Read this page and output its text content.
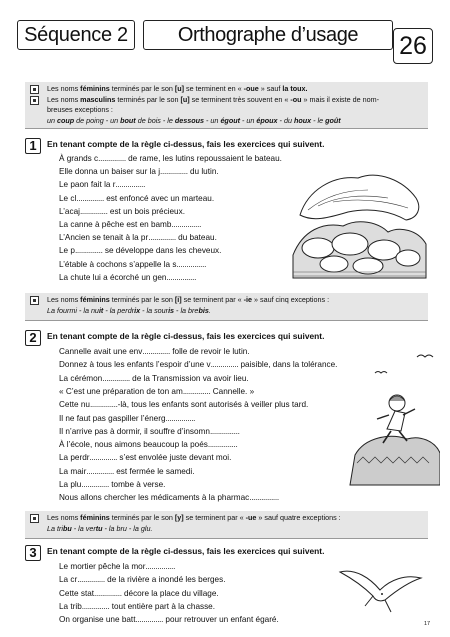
Séquence 2	Orthographe d’usage	26
Les noms féminins terminés par le son [u] se terminent en « -oue » sauf la toux.
Les noms masculins terminés par le son [u] se terminent très souvent en « -ou » mais il existe de nom-
breuses exceptions :
un coup de poing - un bout de bois - le dessous - un égout - un époux - du houx - le goût
1	En tenant compte de la règle ci-dessus, fais les exercices qui suivent.
À grands c.............. de rame, les lutins repoussaient le bateau.
Elle donna un baiser sur la j.............. du lutin.
Le paon fait la r...............
Le cl.............. est enfoncé avec un marteau.
L’acaj.............. est un bois précieux.
La canne à pêche est en bamb...............
L’Ancien se tenait à la pr.............. du bateau.
Le p.............. se développe dans les cheveux.
L’étable à cochons s’appelle la s...............
La chute lui a écorché un gen...............
Les noms féminins terminés par le son [i] se terminent par « -ie » sauf cinq exceptions :
La fourmi - la nuit - la perdrix - la souris - la brebis.
2	En tenant compte de la règle ci-dessus, fais les exercices qui suivent.
Cannelle avait une env.............. folle de revoir le lutin.
Donnez à tous les enfants l’espoir d’une v.............. paisible, dans la tolérance.
La cérémon.............. de la Transmission va avoir lieu.
« C’est une préparation de ton am.............. Cannelle. »
Cette nu..............-là, tous les enfants sont autorisés à veiller plus tard.
Il ne faut pas gaspiller l’énerg...............
Il n’arrive pas à dormir, il souffre d’insomn...............
À l’école, nous aimons beaucoup la poés...............
La perdr.............. s’est envolée juste devant moi.
La mair.............. est fermée le samedi.
La plu.............. tombe à verse.
Nous allons chercher les médicaments à la pharmac...............
Les noms féminins terminés par le son [y] se terminent par « -ue » sauf quatre exceptions :
La tribu - la vertu - la bru - la glu.
3	En tenant compte de la règle ci-dessus, fais les exercices qui suivent.
Le mortier pêche la mor...............
La cr.............. de la rivière a inondé les berges.
Cette stat.............. décore la place du village.
La trib.............. tout entière part à la chasse.
On organise une batt.............. pour retrouver un enfant égaré.	17
